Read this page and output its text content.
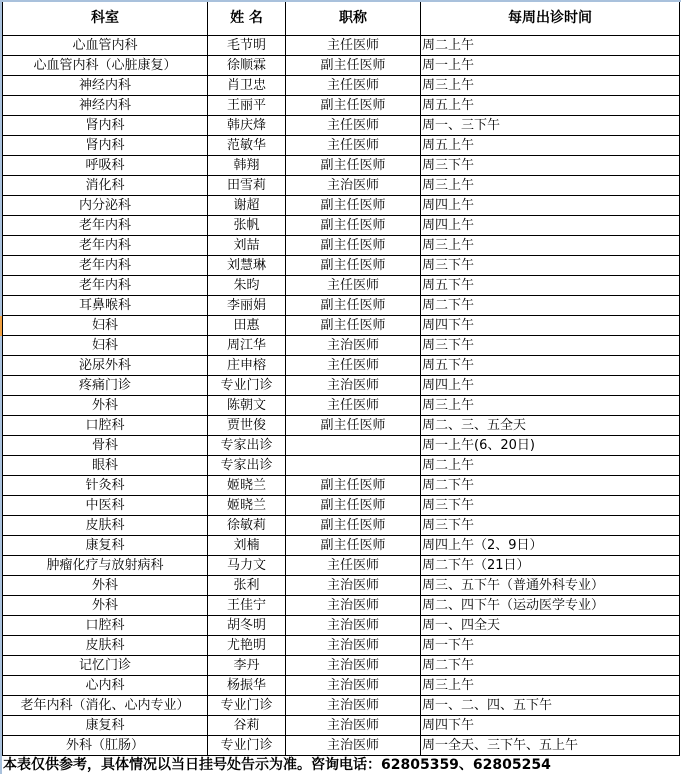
科室	姓 名	职称	每周出诊时间
心血管内科	毛节明	主任医师	周二上午
心血管内科（心脏康复）	徐顺霖	副主任医师	周一上午
神经内科	肖卫忠	主任医师	周三上午
神经内科	王丽平	副主任医师	周五上午
肾内科	韩庆烽	主任医师	周一、三下午
肾内科	范敏华	主任医师	周五上午
呼吸科	韩翔	副主任医师	周三下午
消化科	田雪莉	主治医师	周三上午
内分泌科	谢超	副主任医师	周四上午
老年内科	张帆	副主任医师	周四上午
老年内科	刘喆	副主任医师	周三上午
老年内科	刘慧琳	副主任医师	周三下午
老年内科	朱昀	主任医师	周五下午
耳鼻喉科	李丽娟	副主任医师	周二下午
妇科	田惠	副主任医师	周四下午
妇科	周江华	主治医师	周三下午
泌尿外科	庄申榕	主任医师	周五下午
疼痛门诊	专业门诊	主治医师	周四上午
外科	陈朝文	主任医师	周三上午
口腔科	贾世俊	副主任医师	周二、三、五全天
骨科	专家出诊		周一上午(6、20日)
眼科	专家出诊		周二上午
针灸科	姬晓兰	副主任医师	周二下午
中医科	姬晓兰	副主任医师	周三下午
皮肤科	徐敏莉	副主任医师	周三下午
康复科	刘楠	副主任医师	周四上午（2、9日）
肿瘤化疗与放射病科	马力文	主任医师	周二下午（21日）
外科	张利	主治医师	周三、五下午（普通外科专业）
外科	王佳宁	主治医师	周二、四下午（运动医学专业）
口腔科	胡冬明	主治医师	周一、四全天
皮肤科	尤艳明	主治医师	周一下午
记忆门诊	李丹	主治医师	周二下午
心内科	杨振华	主治医师	周三上午
老年内科（消化、心内专业）	专业门诊	主治医师	周一、二、四、五下午
康复科	谷莉	主治医师	周四下午
外科（肛肠）	专业门诊	主治医师	周一全天、三下午、五上午
本表仅供参考，具体情况以当日挂号处告示为准。咨询电话：62805359、62805254
